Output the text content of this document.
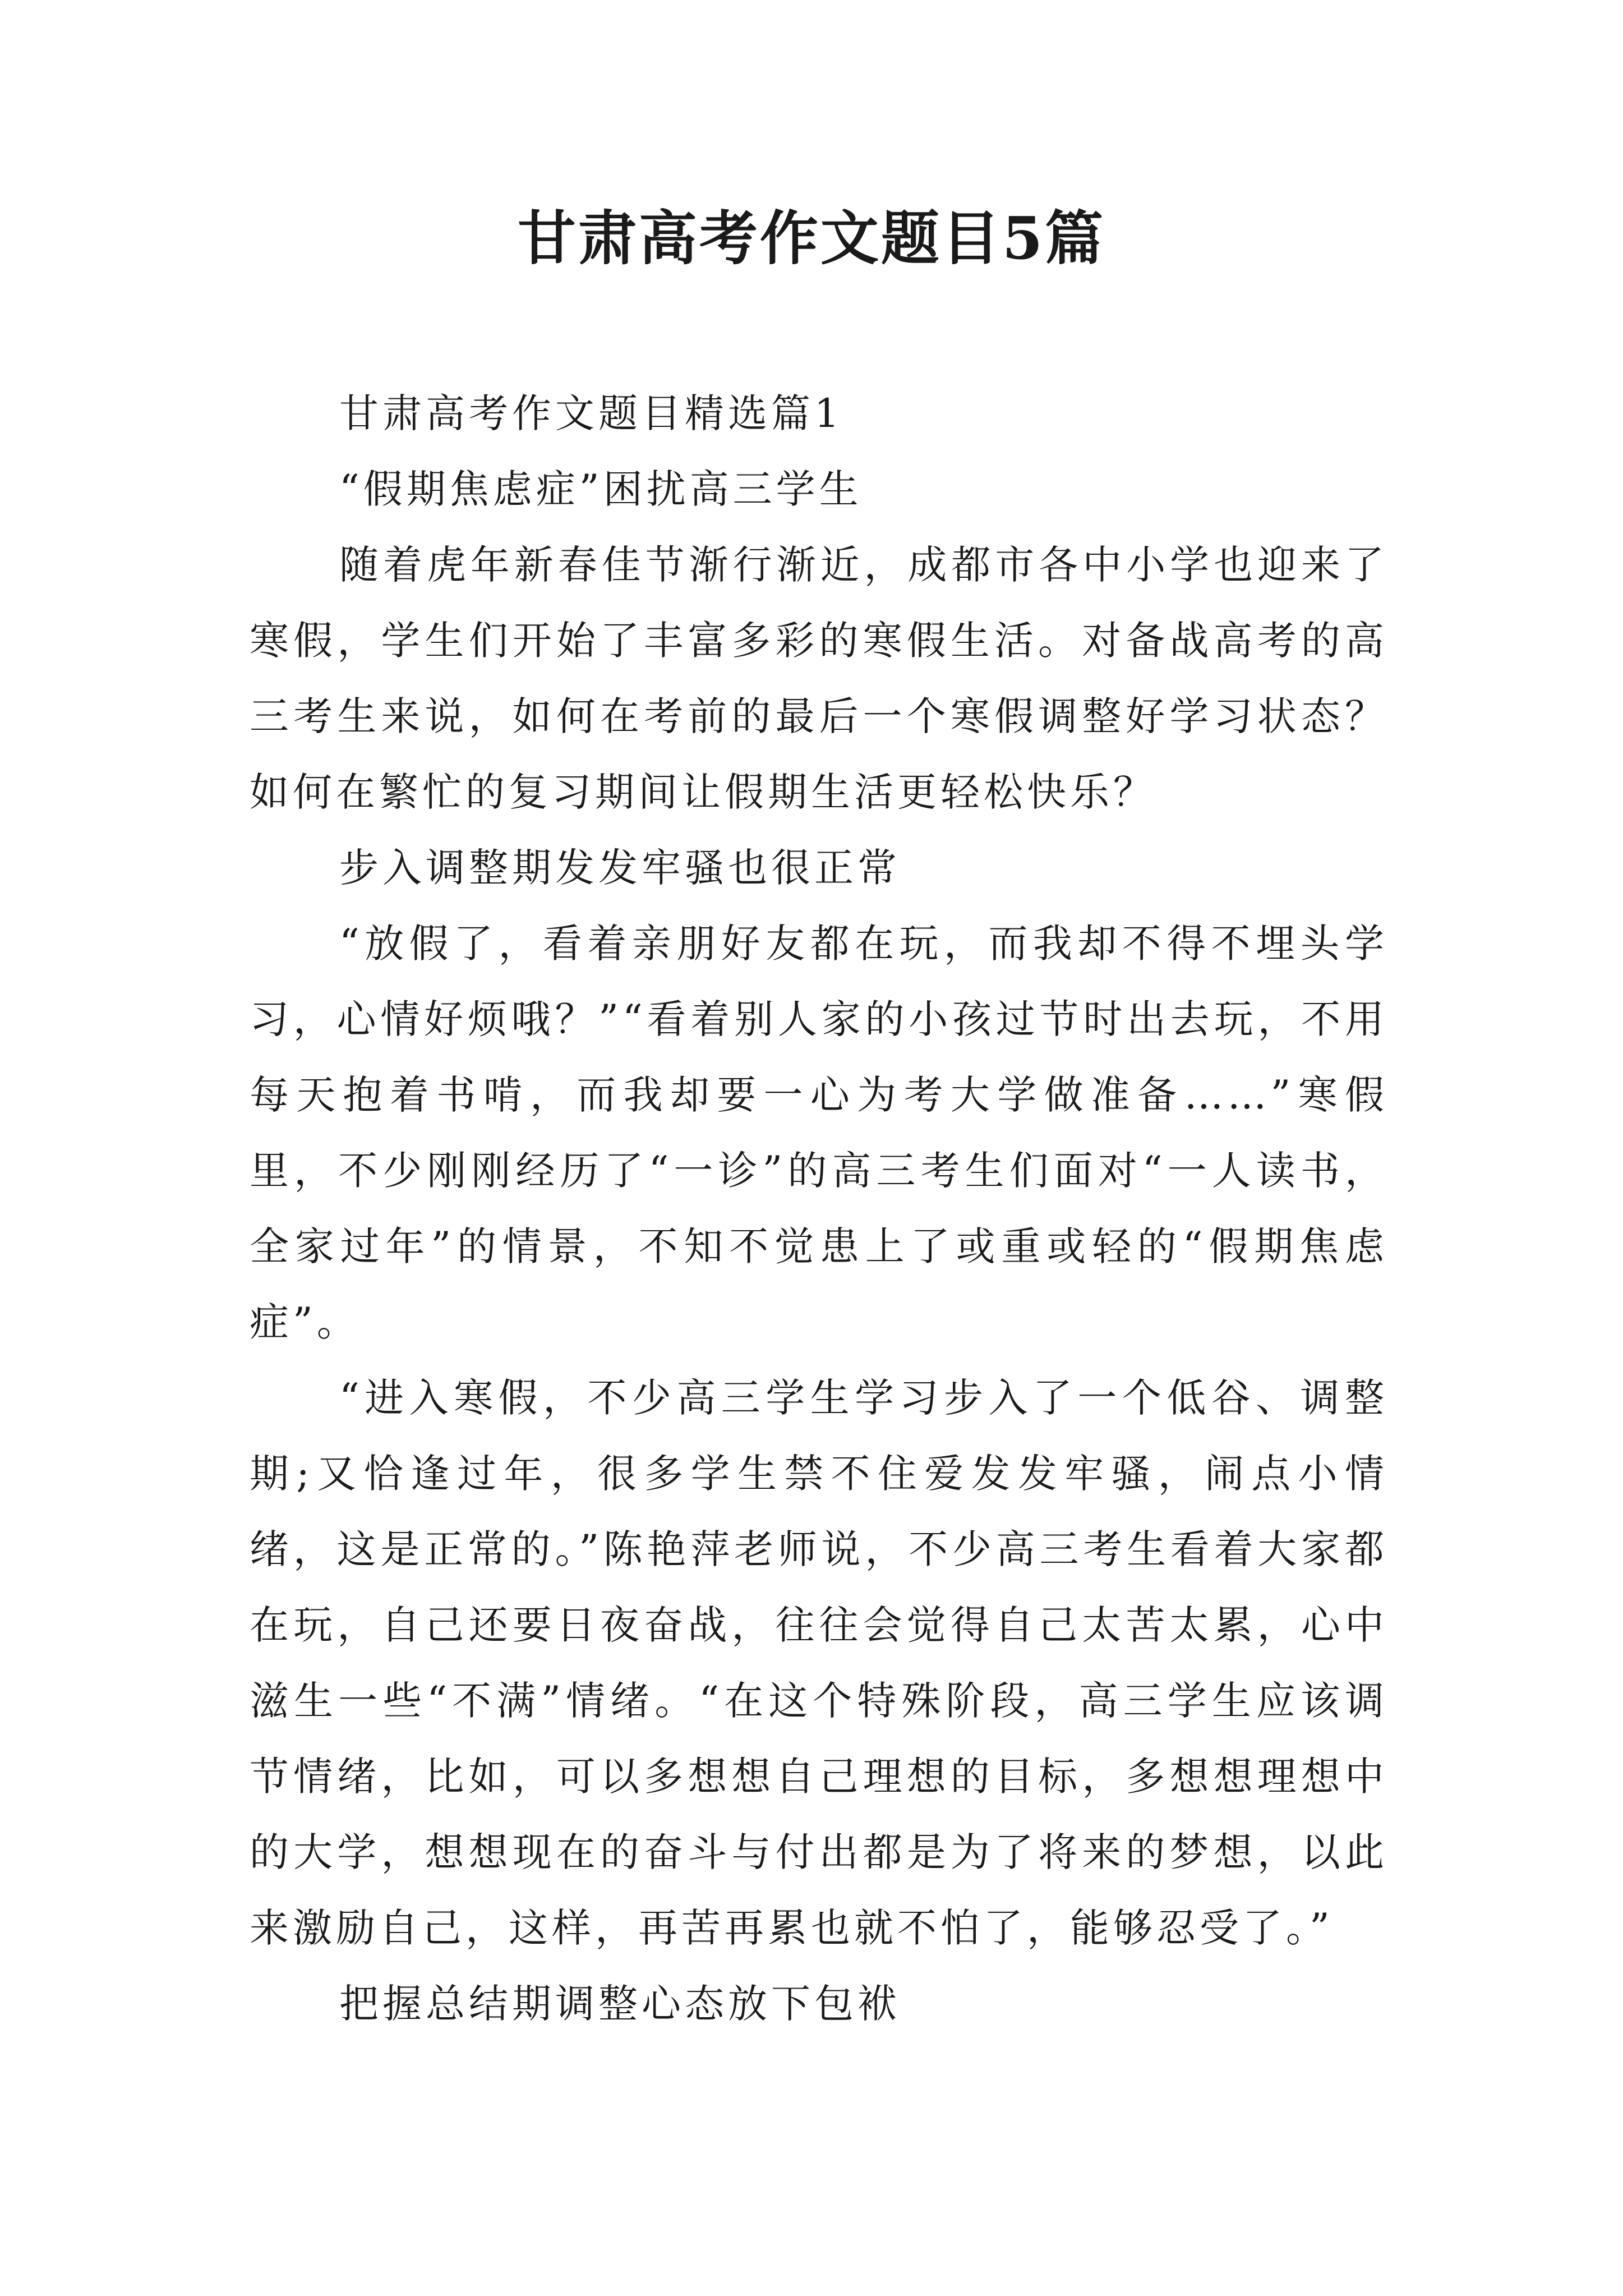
甘肃高考作文题目5篇

甘肃高考作文题目精选篇1

“假期焦虑症”困扰高三学生

随着虎年新春佳节渐行渐近，成都市各中小学也迎来了寒假，学生们开始了丰富多彩的寒假生活。对备战高考的高三考生来说，如何在考前的最后一个寒假调整好学习状态？如何在繁忙的复习期间让假期生活更轻松快乐？

步入调整期发发牢骚也很正常

“放假了，看着亲朋好友都在玩，而我却不得不埋头学习，心情好烦哦？”“看着别人家的小孩过节时出去玩，不用每天抱着书啃，而我却要一心为考大学做准备……”寒假里，不少刚刚经历了“一诊”的高三考生们面对“一人读书，全家过年”的情景，不知不觉患上了或重或轻的“假期焦虑症”。

“进入寒假，不少高三学生学习步入了一个低谷、调整期;又恰逢过年，很多学生禁不住爱发发牢骚，闹点小情绪，这是正常的。”陈艳萍老师说，不少高三考生看着大家都在玩，自己还要日夜奋战，往往会觉得自己太苦太累，心中滋生一些“不满”情绪。“在这个特殊阶段，高三学生应该调节情绪，比如，可以多想想自己理想的目标，多想想理想中的大学，想想现在的奋斗与付出都是为了将来的梦想，以此来激励自己，这样，再苦再累也就不怕了，能够忍受了。”

把握总结期调整心态放下包袱
